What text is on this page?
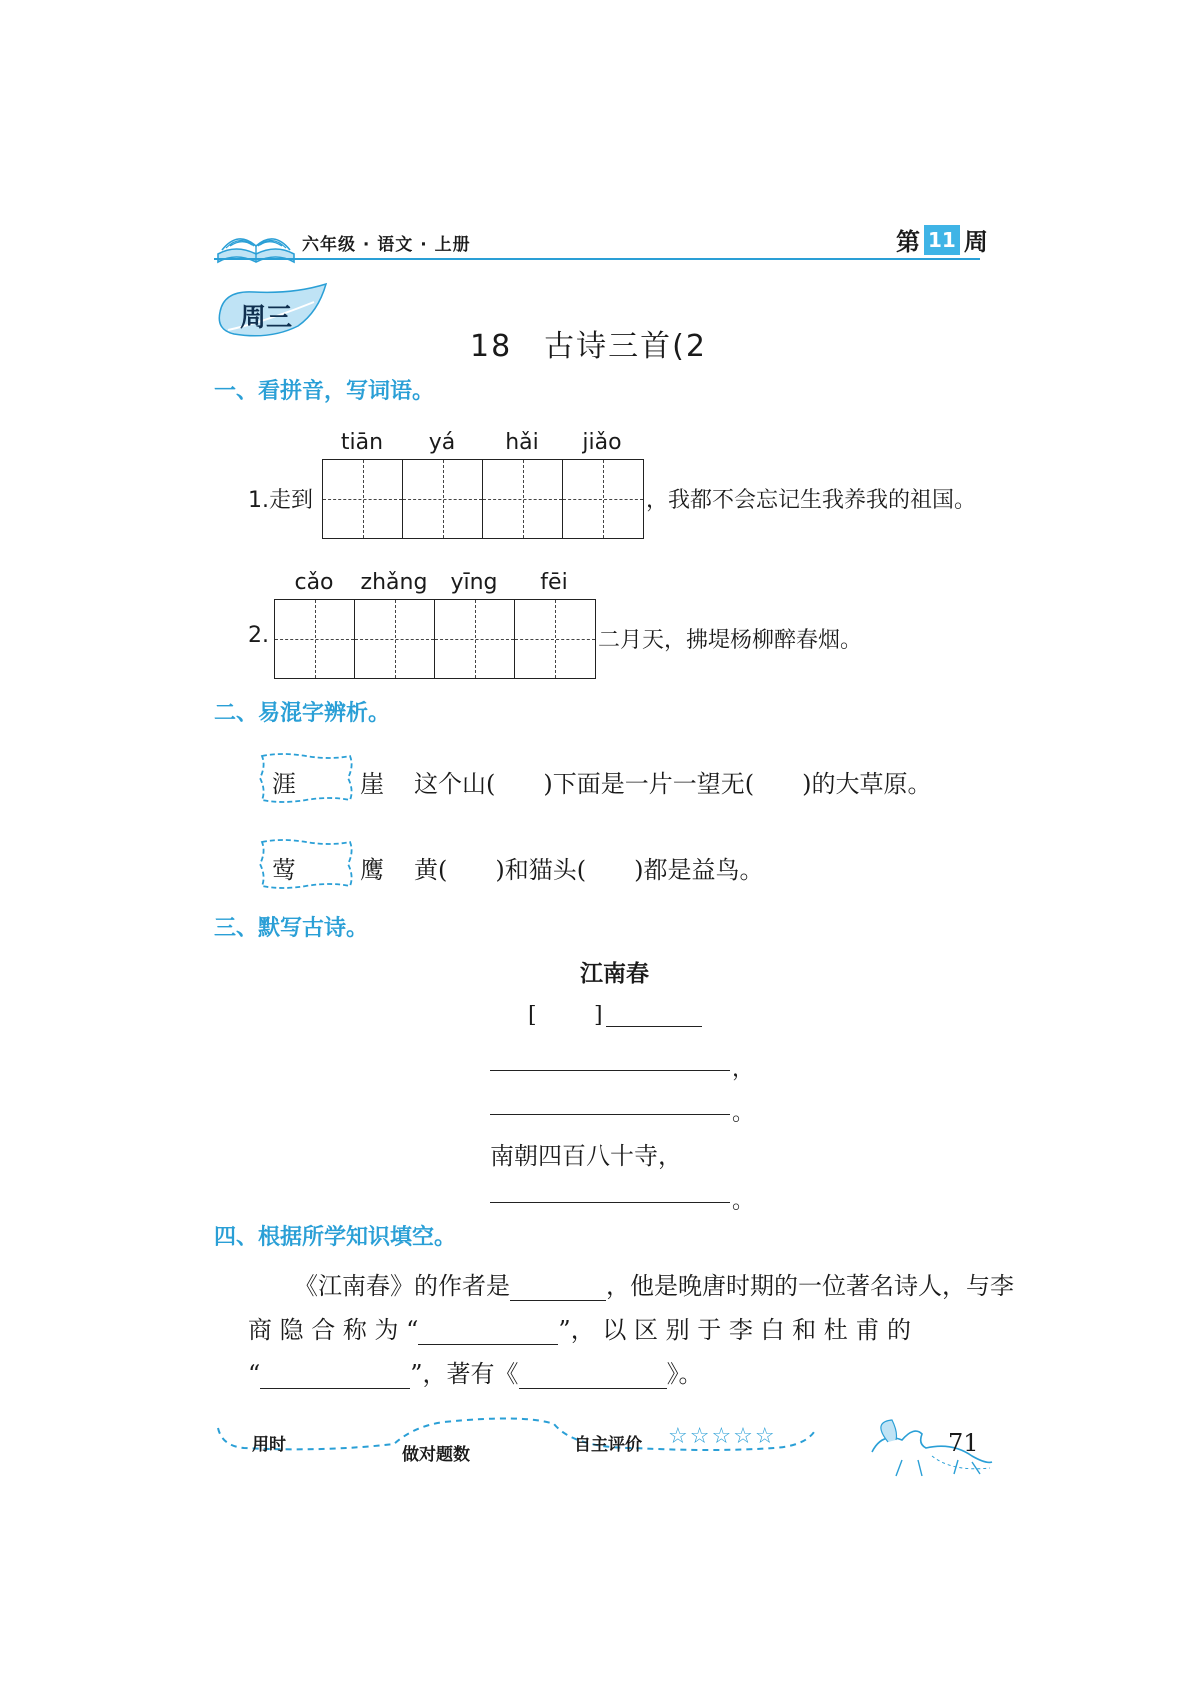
六年级 · 语文 · 上册	第 11 周
周三
18　古诗三首(2
一、看拼音，写词语。
tiān	yá	hǎi	jiǎo
1.走到	，我都不会忘记生我养我的祖国。
cǎo	zhǎng	yīng	fēi
2.	二月天，拂堤杨柳醉春烟。
二、易混字辨析。
涯　崖 这个山(　　)下面是一片一望无(　　)的大草原。
莺　鹰 黄(　　)和猫头(　　)都是益鸟。
三、默写古诗。
江南春
[	]
，
。
南朝四百八十寺，
。
四、根据所学知识填空。
《江南春》的作者是	，他是晚唐时期的一位著名诗人，与李
商 隐 合 称 为 “	”， 以 区 别 于 李 白 和 杜 甫 的
“	”，著有《	》。
用时	做对题数	自主评价 ☆☆☆☆☆	71
